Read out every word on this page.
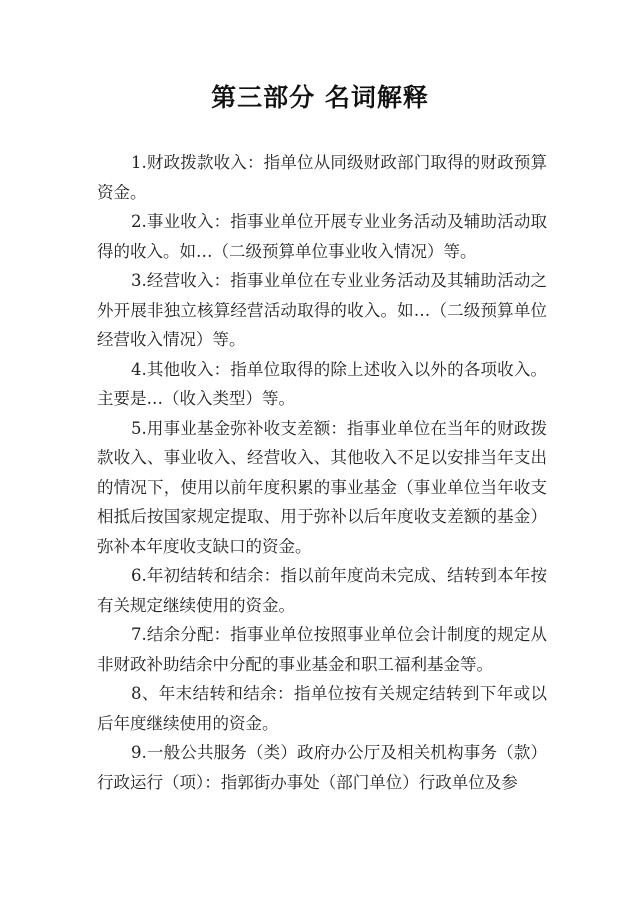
第三部分 名词解释

1.财政拨款收入：指单位从同级财政部门取得的财政预算资金。

2.事业收入：指事业单位开展专业业务活动及辅助活动取得的收入。如…（二级预算单位事业收入情况）等。

3.经营收入：指事业单位在专业业务活动及其辅助活动之外开展非独立核算经营活动取得的收入。如…（二级预算单位经营收入情况）等。

4.其他收入：指单位取得的除上述收入以外的各项收入。主要是…（收入类型）等。

5.用事业基金弥补收支差额：指事业单位在当年的财政拨款收入、事业收入、经营收入、其他收入不足以安排当年支出的情况下，使用以前年度积累的事业基金（事业单位当年收支相抵后按国家规定提取、用于弥补以后年度收支差额的基金）弥补本年度收支缺口的资金。

6.年初结转和结余：指以前年度尚未完成、结转到本年按有关规定继续使用的资金。

7.结余分配：指事业单位按照事业单位会计制度的规定从非财政补助结余中分配的事业基金和职工福利基金等。

8、年末结转和结余：指单位按有关规定结转到下年或以后年度继续使用的资金。

9.一般公共服务（类）政府办公厅及相关机构事务（款）行政运行（项）：指郭街办事处（部门单位）行政单位及参
